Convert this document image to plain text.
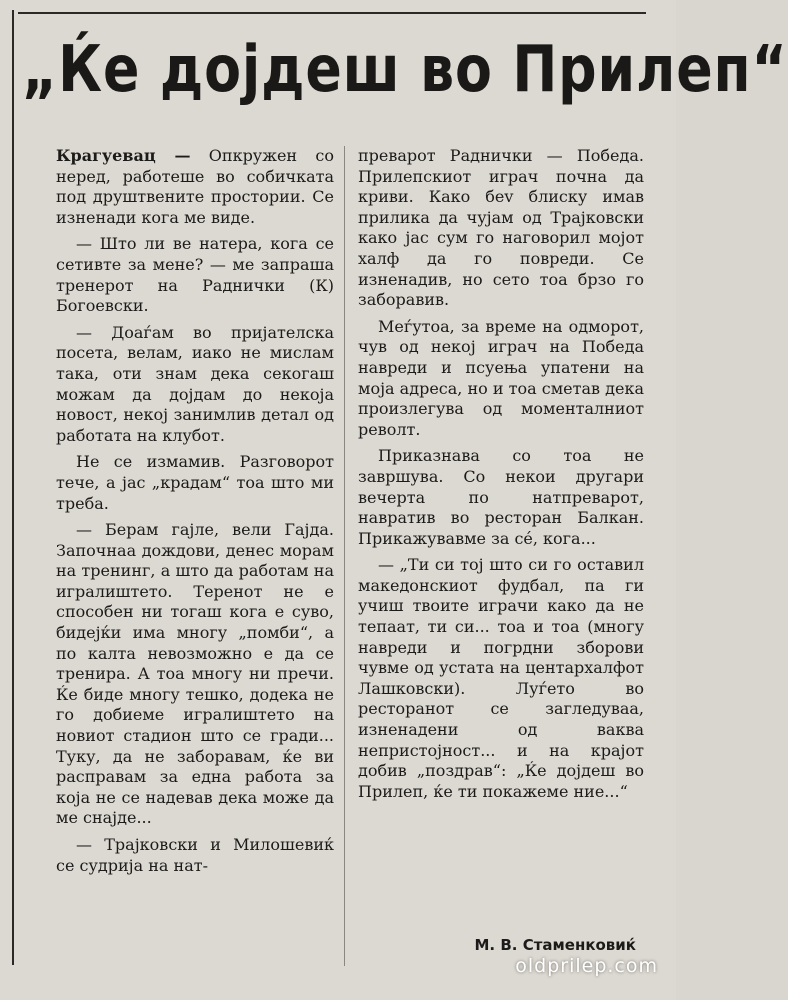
„Ќе дојдеш во Прилеп“

Крагуевац — Опкружен со неред, работеше во собичката под друштвените простории. Се изненади кога ме виде.

— Што ли ве натера, кога се сетивте за мене? — ме запраша тренерот на Раднички (К) Богоевски.

— Доаѓам во пријателска посета, велам, иако не мислам така, оти знам дека секогаш можам да дојдам до некоја новост, некој занимлив детал од работата на клубот.

Не се измамив. Разговорот тече, а јас „крадам“ тоа што ми треба.

— Берам гајле, вели Гајда. Започнаа дождови, денес морам на тренинг, а што да работам на игралиштето. Теренот не е способен ни тогаш кога е суво, бидејќи има многу „помби“, а по калта невозможно е да се тренира. А тоа многу ни пречи. Ќе биде многу тешко, додека не го добиеме игралиштето на новиот стадион што се гради... Туку, да не заборавам, ќе ви расправам за една работа за која не се надевав дека може да ме снајде...

— Трајковски и Милошевиќ се судрија на нат-

преварот Раднички — Победа. Прилепскиот играч почна да криви. Како беv блиску имав прилика да чујам од Трајковски како јас сум го наговорил мојот халф да го повреди. Се изненадив, но сето тоа брзо го заборавив.

Меѓутоа, за време на одморот, чув од некој играч на Победа навреди и псуења упатени на моја адреса, но и тоа сметав дека произлегува од моменталниот револт.

Приказнава со тоа не завршува. Со некои другари вечерта по натпреварот, навратив во ресторан Балкан. Прикажувавме за сé, кога...

— „Ти си тој што си го оставил македонскиот фудбал, па ги учиш твоите играчи како да не тепаат, ти си... тоа и тоа (многу навреди и погрдни зборови чувме од устата на центархалфот Лашковски). Луѓето во ресторанот се загледуваа, изненадени од ваква непристојност... и на крајот добив „поздрав“: „Ќе дојдеш во Прилеп, ќе ти покажеме ние...“

М. В. Стаменковиќ
oldprilep.com
